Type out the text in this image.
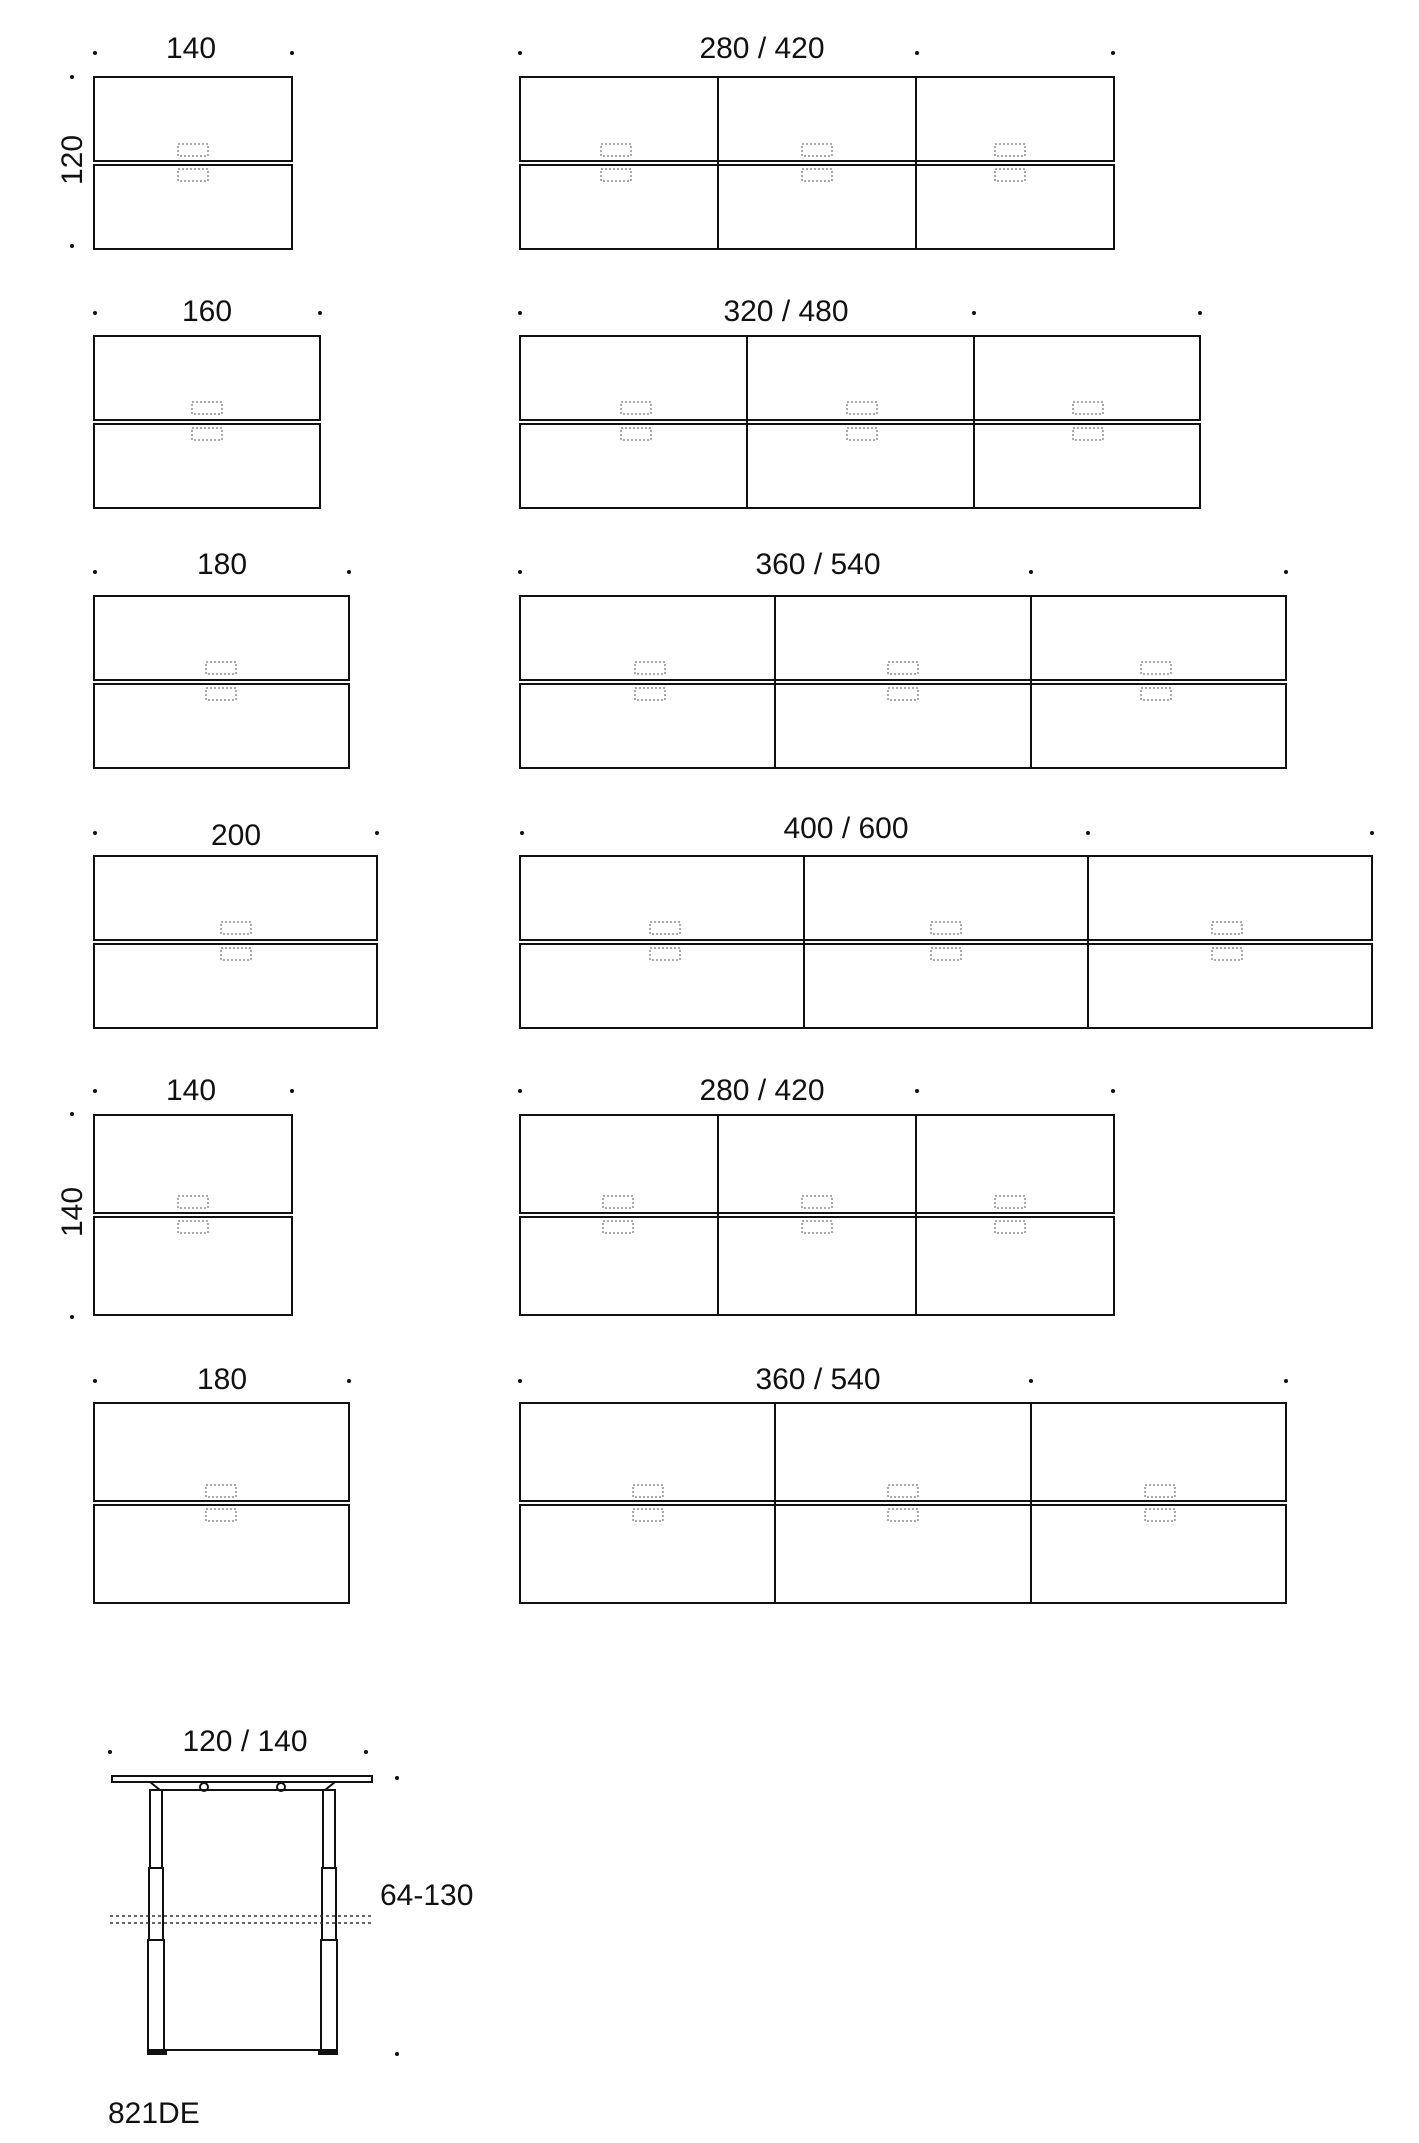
140	280 / 420
120
160	320 / 480
180	360 / 540
200	400 / 600
140	280 / 420
140
180	360 / 540
120 / 140
64-130
821DE
